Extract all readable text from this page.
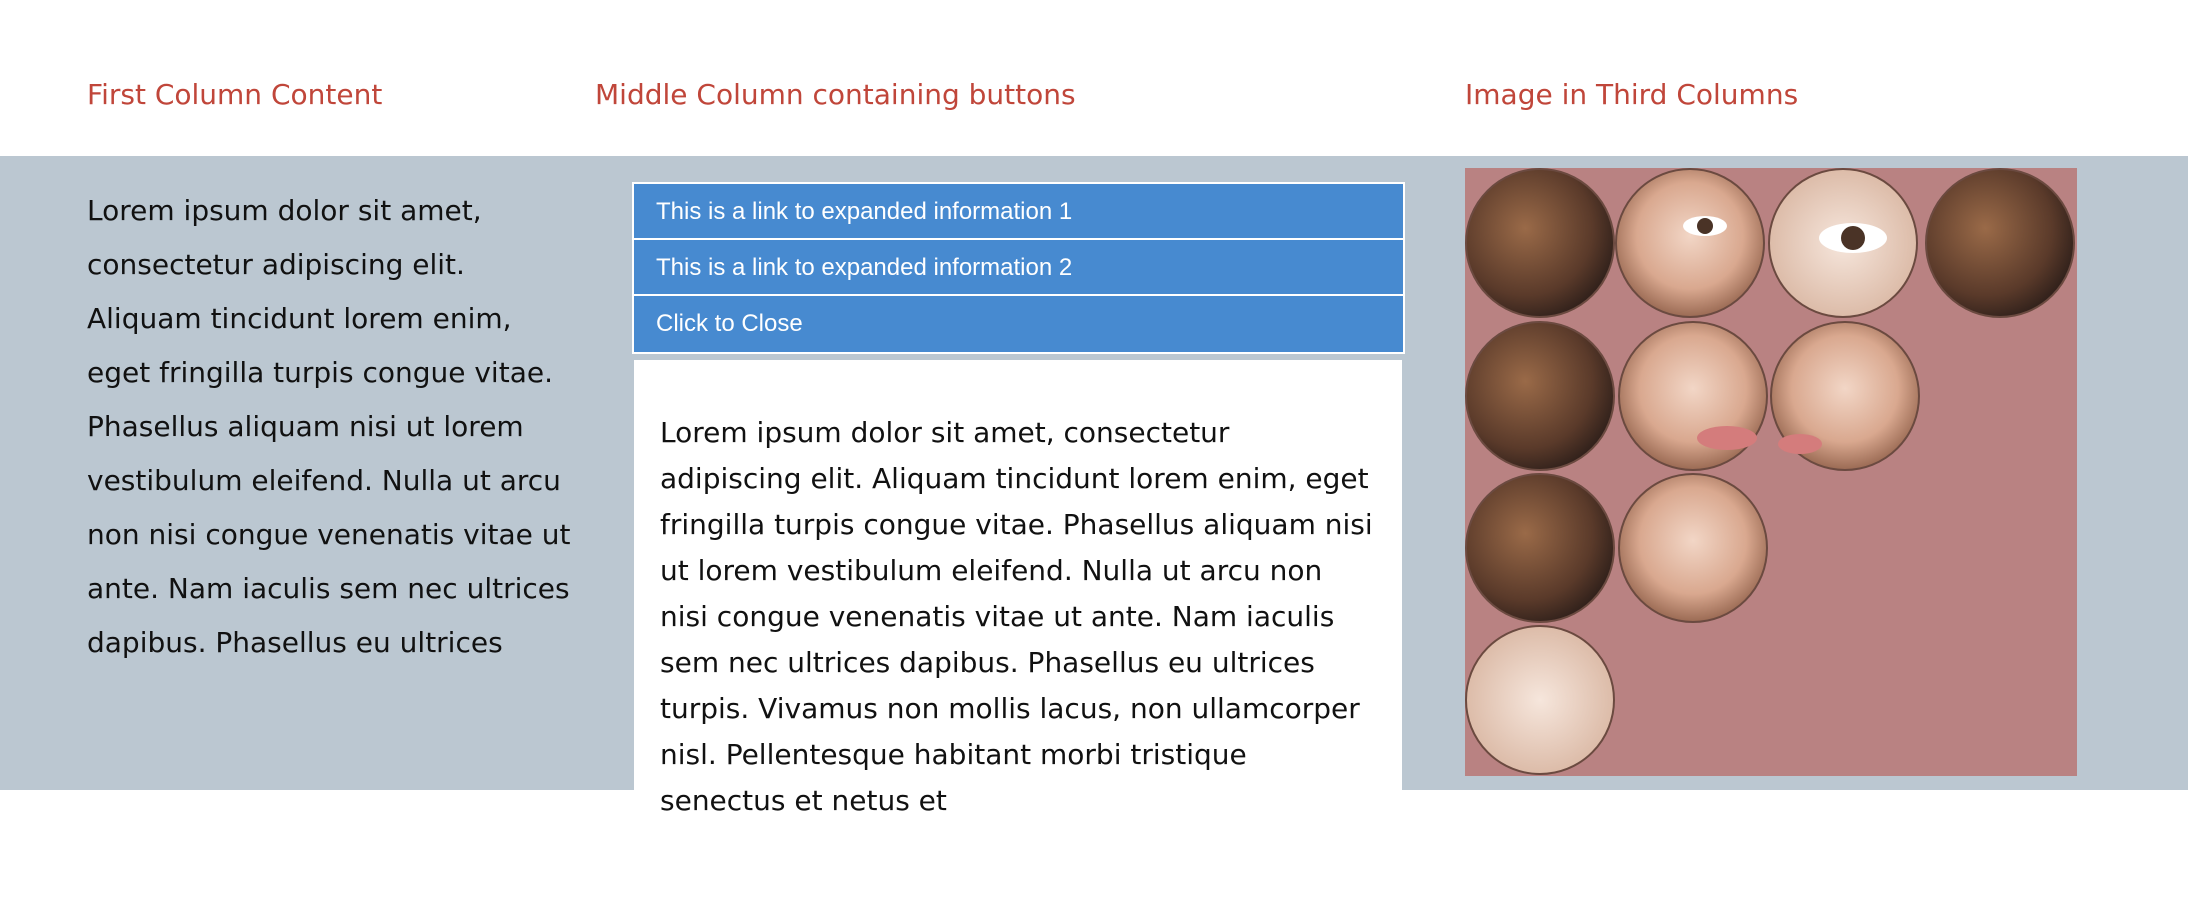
First Column Content	Middle Column containing buttons	Image in Third Columns

Lorem ipsum dolor sit amet, consectetur adipiscing elit. Aliquam tincidunt lorem enim, eget fringilla turpis congue vitae. Phasellus aliquam nisi ut lorem vestibulum eleifend. Nulla ut arcu non nisi congue venenatis vitae ut ante. Nam iaculis sem nec ultrices dapibus. Phasellus eu ultrices

This is a link to expanded information 1
This is a link to expanded information 2
Click to Close

Lorem ipsum dolor sit amet, consectetur adipiscing elit. Aliquam tincidunt lorem enim, eget fringilla turpis congue vitae. Phasellus aliquam nisi ut lorem vestibulum eleifend. Nulla ut arcu non nisi congue venenatis vitae ut ante. Nam iaculis sem nec ultrices dapibus. Phasellus eu ultrices turpis. Vivamus non mollis lacus, non ullamcorper nisl. Pellentesque habitant morbi tristique senectus et netus et
